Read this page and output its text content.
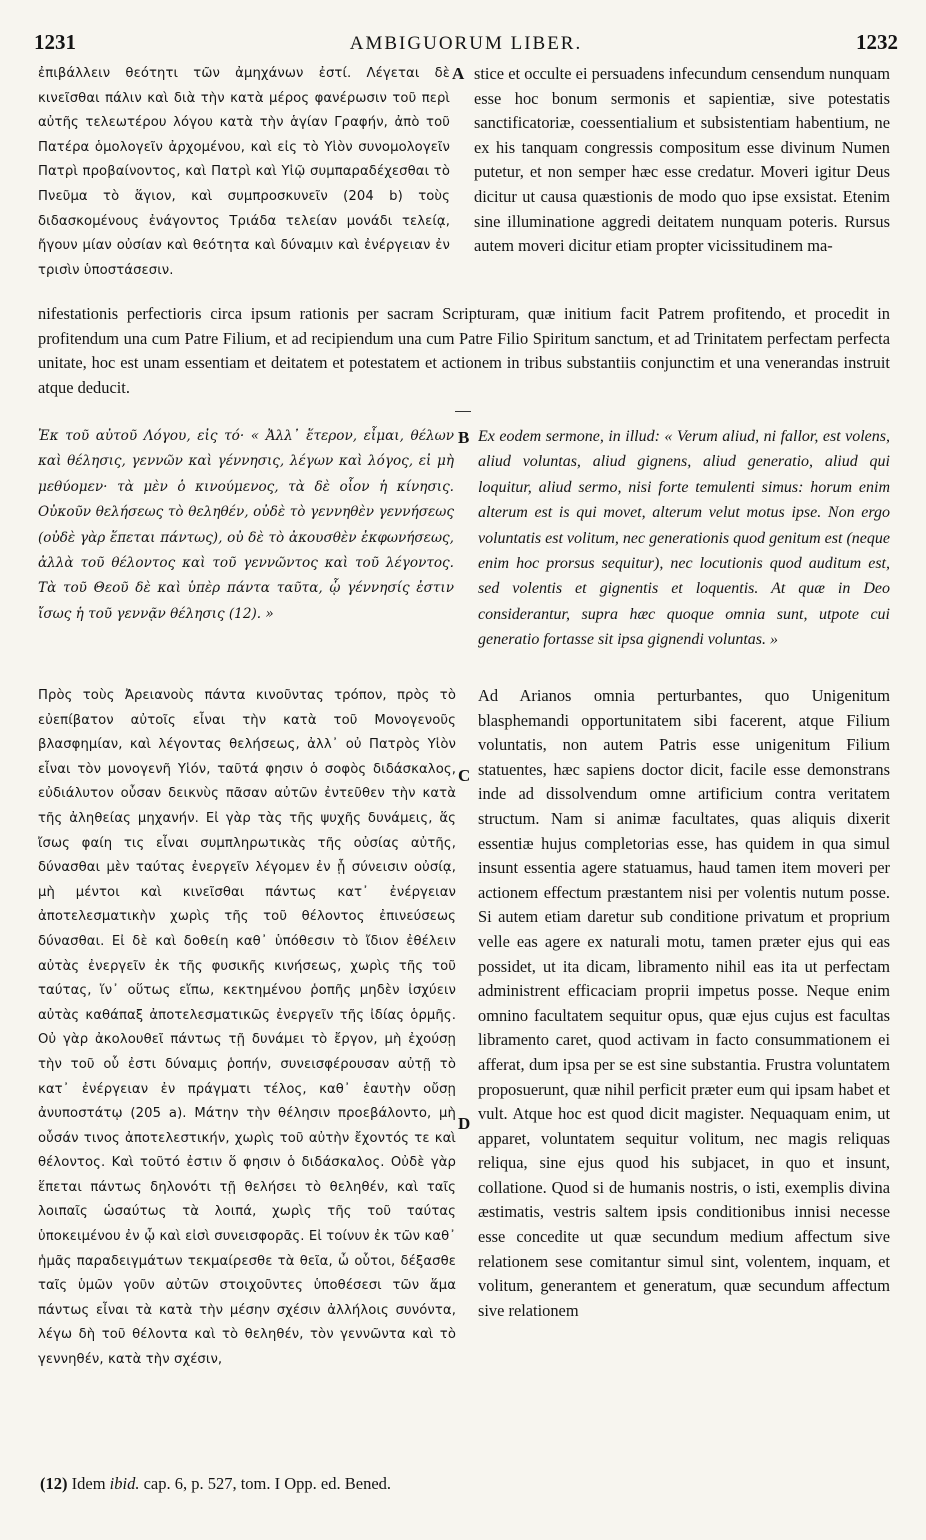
1231	AMBIGUORUM LIBER.	1232

ἐπιβάλλειν θεότητι τῶν ἀμηχάνων ἐστί. Λέγεται δὲ κινεῖσθαι πάλιν καὶ διὰ τὴν κατὰ μέρος φανέρωσιν τοῦ περὶ αὐτῆς τελεωτέρου λόγου κατὰ τὴν ἁγίαν Γραφήν, ἀπὸ τοῦ Πατέρα ὁμολογεῖν ἀρχομένου, καὶ εἰς τὸ Υἱὸν συνομολογεῖν Πατρὶ προβαίνοντος, καὶ Πατρὶ καὶ Υἱῷ συμπαραδέχεσθαι τὸ Πνεῦμα τὸ ἅγιον, καὶ συμπροσκυνεῖν (204 b) τοὺς διδασκομένους ἐνάγοντος Τριάδα τελείαν μονάδι τελείᾳ, ἤγουν μίαν οὐσίαν καὶ θεότητα καὶ δύναμιν καὶ ἐνέργειαν ἐν τρισὶν ὑποστάσεσιν.

A stice et occulte ei persuadens infecundum censendum nunquam esse hoc bonum sermonis et sapientiæ, sive potestatis sanctificatoriæ, coessentialium et subsistentiam habentium, ne ex his tanquam congressis compositum esse divinum Numen putetur, et non semper hæc esse credatur. Moveri igitur Deus dicitur ut causa quæstionis de modo quo ipse exsistat. Etenim sine illuminatione aggredi deitatem nunquam poteris. Rursus autem moveri dicitur etiam propter vicissitudinem ma-

nifestationis perfectioris circa ipsum rationis per sacram Scripturam, quæ initium facit Patrem profitendo, et procedit in profitendum una cum Patre Filium, et ad recipiendum una cum Patre Filio Spiritum sanctum, et ad Trinitatem perfectam perfecta unitate, hoc est unam essentiam et deitatem et potestatem et actionem in tribus substantiis conjunctim et una venerandas instruit atque deducit.

Ἐκ τοῦ αὐτοῦ Λόγου, εἰς τό· « Ἀλλ᾽ ἕτερον, εἶμαι, θέλων καὶ θέλησις, γεννῶν καὶ γέννησις, λέγων καὶ λόγος, εἰ μὴ μεθύομεν· τὰ μὲν ὁ κινούμενος, τὰ δὲ οἷον ἡ κίνησις. Οὐκοῦν θελήσεως τὸ θεληθέν, οὐδὲ τὸ γεννηθὲν γεννήσεως (οὐδὲ γὰρ ἕπεται πάντως), οὐ δὲ τὸ ἀκουσθὲν ἐκφωνήσεως, ἀλλὰ τοῦ θέλοντος καὶ τοῦ γεννῶντος καὶ τοῦ λέγοντος. Τὰ τοῦ Θεοῦ δὲ καὶ ὑπὲρ πάντα ταῦτα, ᾧ γέννησίς ἐστιν ἴσως ἡ τοῦ γεννᾷν θέλησις (12). »

B Ex eodem sermone, in illud: « Verum aliud, ni fallor, est volens, aliud voluntas, aliud gignens, aliud generatio, aliud qui loquitur, aliud sermo, nisi forte temulenti simus: horum enim alterum est is qui movet, alterum velut motus ipse. Non ergo voluntatis est volitum, nec generationis quod genitum est (neque enim hoc prorsus sequitur), nec locutionis quod auditum est, sed volentis et gignentis et loquentis. At quæ in Deo considerantur, supra hæc quoque omnia sunt, utpote cui generatio fortasse sit ipsa gignendi voluntas. »

Πρὸς τοὺς Ἀρειανοὺς πάντα κινοῦντας τρόπον, πρὸς τὸ εὐεπίβατον αὐτοῖς εἶναι τὴν κατὰ τοῦ Μονογενοῦς βλασφημίαν, καὶ λέγοντας θελήσεως, ἀλλ᾽ οὐ Πατρὸς Υἱὸν εἶναι τὸν μονογενῆ Υἱόν, ταῦτά φησιν ὁ σοφὸς διδάσκαλος, εὐδιάλυτον οὖσαν δεικνὺς πᾶσαν αὐτῶν ἐντεῦθεν τὴν κατὰ τῆς ἀληθείας μηχανήν. Εἰ γὰρ τὰς τῆς ψυχῆς δυνάμεις, ἅς ἴσως φαίη τις εἶναι συμπληρωτικὰς τῆς οὐσίας αὐτῆς, δύνασθαι μὲν ταύτας ἐνεργεῖν λέγομεν ἐν ᾗ σύνεισιν οὐσίᾳ, μὴ μέντοι καὶ κινεῖσθαι πάντως κατ᾽ ἐνέργειαν ἀποτελεσματικὴν χωρὶς τῆς τοῦ θέλοντος ἐπινεύσεως δύνασθαι. Εἰ δὲ καὶ δοθείη καθ᾽ ὑπόθεσιν τὸ ἴδιον ἐθέλειν αὐτὰς ἐνεργεῖν ἐκ τῆς φυσικῆς κινήσεως, χωρὶς τῆς τοῦ ταύτας, ἵν᾽ οὕτως εἴπω, κεκτημένου ῥοπῆς μηδὲν ἰσχύειν αὐτὰς καθάπαξ ἀποτελεσματικῶς ἐνεργεῖν τῆς ἰδίας ὁρμῆς. Οὐ γὰρ ἀκολουθεῖ πάντως τῇ δυνάμει τὸ ἔργον, μὴ ἐχούσῃ τὴν τοῦ οὗ ἐστι δύναμις ῥοπήν, συνεισφέρουσαν αὐτῇ τὸ κατ᾽ ἐνέργειαν ἐν πράγματι τέλος, καθ᾽ ἑαυτὴν οὔσῃ ἀνυποστάτῳ (205 a). Μάτην τὴν θέλησιν προεβάλοντο, μὴ οὖσάν τινος ἀποτελεστικήν, χωρὶς τοῦ αὐτὴν ἔχοντός τε καὶ θέλοντος. Καὶ τοῦτό ἐστιν ὅ φησιν ὁ διδάσκαλος. Οὐδὲ γὰρ ἕπεται πάντως δηλονότι τῇ θελήσει τὸ θεληθέν, καὶ ταῖς λοιπαῖς ὡσαύτως τὰ λοιπά, χωρὶς τῆς τοῦ ταύτας ὑποκειμένου ἐν ᾧ καὶ εἰσὶ συνεισφορᾶς. Εἰ τοίνυν ἐκ τῶν καθ᾽ ἡμᾶς παραδειγμάτων τεκμαίρεσθε τὰ θεῖα, ὦ οὗτοι, δέξασθε ταῖς ὑμῶν γοῦν αὐτῶν στοιχοῦντες ὑποθέσεσι τῶν ἅμα πάντως εἶναι τὰ κατὰ τὴν μέσην σχέσιν ἀλλήλοις συνόντα, λέγω δὴ τοῦ θέλοντα καὶ τὸ θεληθέν, τὸν γεννῶντα καὶ τὸ γεννηθέν, κατὰ τὴν σχέσιν,

C
D

Ad Arianos omnia perturbantes, quo Unigenitum blasphemandi opportunitatem sibi facerent, atque Filium voluntatis, non autem Patris esse unigenitum Filium statuentes, hæc sapiens doctor dicit, facile esse demonstrans inde ad dissolvendum omne artificium contra veritatem structum. Nam si animæ facultates, quas aliquis dixerit essentiæ hujus completorias esse, has quidem in qua simul insunt essentia agere statuamus, haud tamen item moveri per actionem effectum præstantem nisi per volentis nutum posse. Si autem etiam daretur sub conditione privatum et proprium velle eas agere ex naturali motu, tamen præter ejus qui eas possidet, ut ita dicam, libramento nihil eas ita ut perfectam administrent efficaciam proprii impetus posse. Neque enim omnino facultatem sequitur opus, quæ ejus cujus est facultas libramento caret, quod activam in facto consummationem ei afferat, dum ipsa per se est sine substantia. Frustra voluntatem proposuerunt, quæ nihil perficit præter eum qui ipsam habet et vult. Atque hoc est quod dicit magister. Nequaquam enim, ut apparet, voluntatem sequitur volitum, nec magis reliquas reliqua, sine ejus quod his subjacet, in quo et insunt, collatione. Quod si de humanis nostris, o isti, exemplis divina æstimatis, vestris saltem ipsis conditionibus innisi necesse esse concedite ut quæ secundum medium affectum sive relationem sese comitantur simul sint, volentem, inquam, et volitum, generantem et generatum, quæ secundum affectum sive relationem

(12) Idem ibid. cap. 6, p. 527, tom. I Opp. ed. Bened.
